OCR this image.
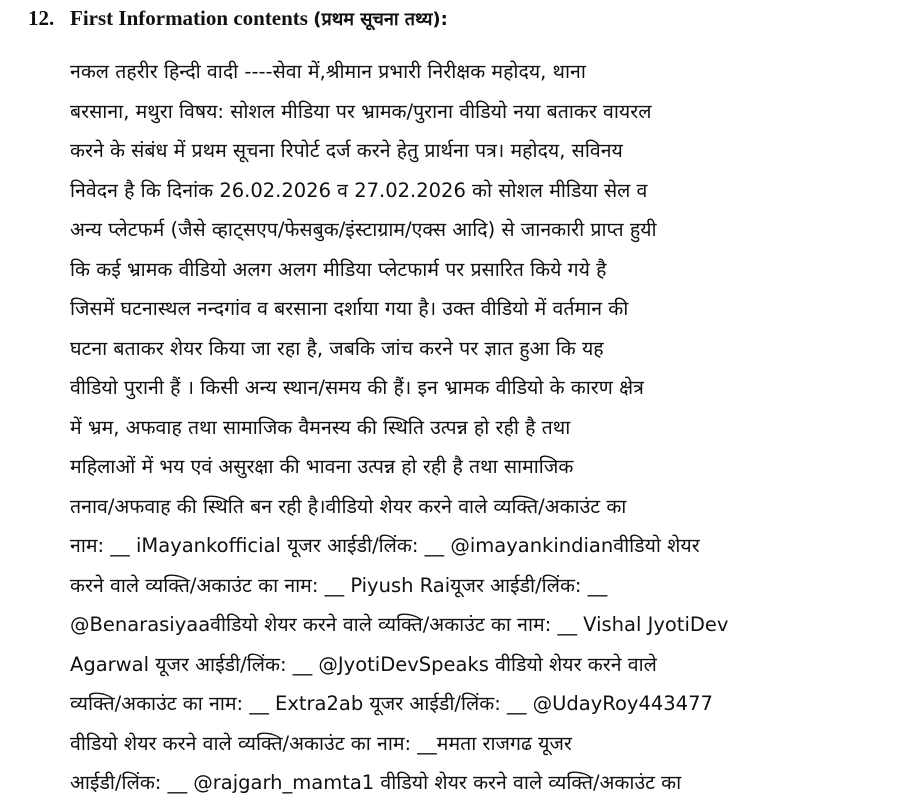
12. First Information contents (प्रथम सूचना तथ्य):
नकल तहरीर हिन्दी वादी ----सेवा में,श्रीमान प्रभारी निरीक्षक महोदय, थाना
बरसाना, मथुरा विषय: सोशल मीडिया पर भ्रामक/पुराना वीडियो नया बताकर वायरल
करने के संबंध में प्रथम सूचना रिपोर्ट दर्ज करने हेतु प्रार्थना पत्र। महोदय, सविनय
निवेदन है कि दिनांक 26.02.2026 व 27.02.2026 को सोशल मीडिया सेल व
अन्य प्लेटफर्म (जैसे व्हाट्सएप/फेसबुक/इंस्टाग्राम/एक्स आदि) से जानकारी प्राप्त हुयी
कि कई भ्रामक वीडियो अलग अलग मीडिया प्लेटफार्म पर प्रसारित किये गये है
जिसमें घटनास्थल नन्दगांव व बरसाना दर्शाया गया है। उक्त वीडियो में वर्तमान की
घटना बताकर शेयर किया जा रहा है, जबकि जांच करने पर ज्ञात हुआ कि यह
वीडियो पुरानी हैं । किसी अन्य स्थान/समय की हैं। इन भ्रामक वीडियो के कारण क्षेत्र
में भ्रम, अफवाह तथा सामाजिक वैमनस्य की स्थिति उत्पन्न हो रही है तथा
महिलाओं में भय एवं असुरक्षा की भावना उत्पन्न हो रही है तथा सामाजिक
तनाव/अफवाह की स्थिति बन रही है।वीडियो शेयर करने वाले व्यक्ति/अकाउंट का
नाम: __ iMayankofficial यूजर आईडी/लिंक: __ @imayankindianवीडियो शेयर
करने वाले व्यक्ति/अकाउंट का नाम: __ Piyush Raiयूजर आईडी/लिंक: __
@Benarasiyaaवीडियो शेयर करने वाले व्यक्ति/अकाउंट का नाम: __ Vishal JyotiDev
Agarwal यूजर आईडी/लिंक: __ @JyotiDevSpeaks वीडियो शेयर करने वाले
व्यक्ति/अकाउंट का नाम: __ Extra2ab यूजर आईडी/लिंक: __ @UdayRoy443477
वीडियो शेयर करने वाले व्यक्ति/अकाउंट का नाम: __ममता राजगढ यूजर
आईडी/लिंक: __ @rajgarh_mamta1 वीडियो शेयर करने वाले व्यक्ति/अकाउंट का
